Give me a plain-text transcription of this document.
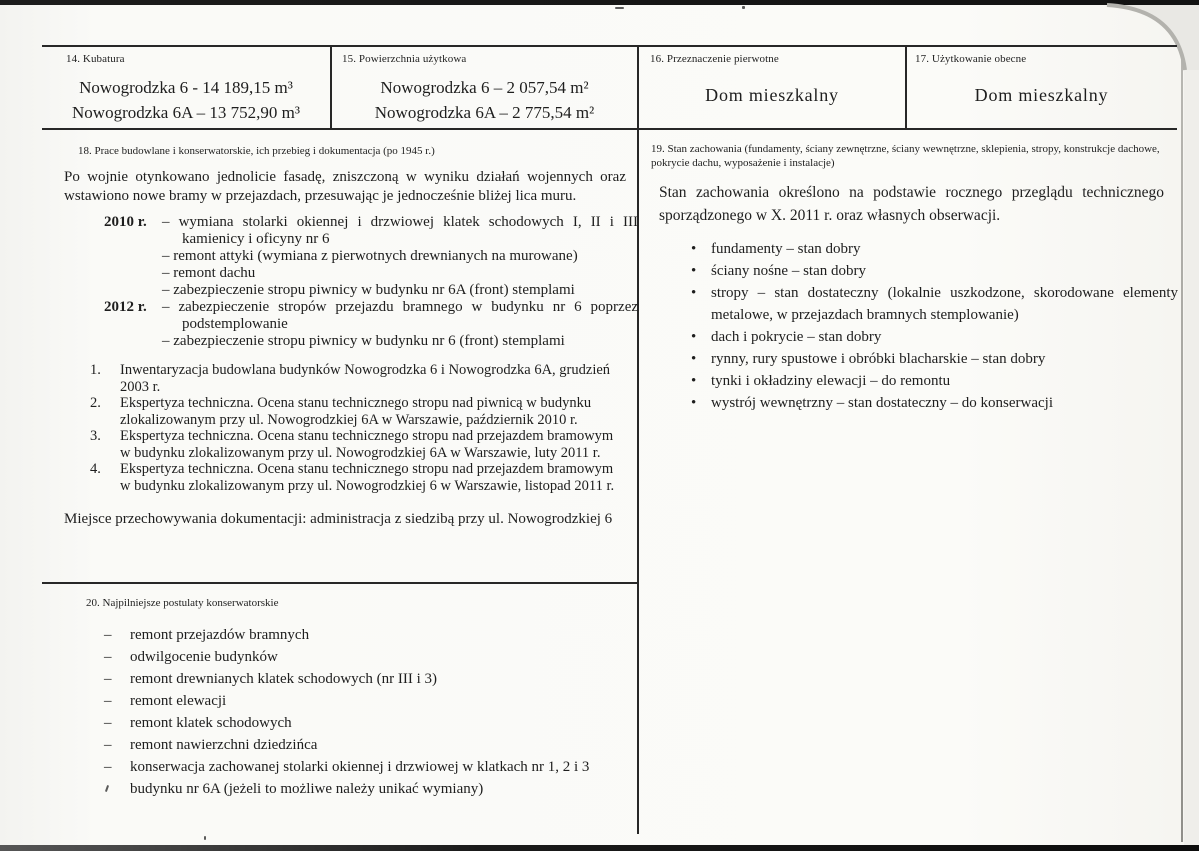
14. Kubatura
Nowogrodzka 6 - 14 189,15 m³
Nowogrodzka 6A – 13 752,90 m³
15. Powierzchnia użytkowa
Nowogrodzka 6 – 2 057,54 m²
Nowogrodzka 6A – 2 775,54 m²
16. Przeznaczenie pierwotne
Dom mieszkalny
17. Użytkowanie obecne
Dom mieszkalny
18. Prace budowlane i konserwatorskie, ich przebieg i dokumentacja (po 1945 r.)
Po wojnie otynkowano jednolicie fasadę, zniszczoną w wyniku działań wojennych oraz wstawiono nowe bramy w przejazdach, przesuwając je jednocześnie bliżej lica muru.
2010 r.	– wymiana stolarki okiennej i drzwiowej klatek schodowych I, II i III kamienicy i oficyny nr 6
– remont attyki (wymiana z pierwotnych drewnianych na murowane)
– remont dachu
– zabezpieczenie stropu piwnicy w budynku nr 6A (front) stemplami
2012 r.	– zabezpieczenie stropów przejazdu bramnego w budynku nr 6 poprzez podstemplowanie
– zabezpieczenie stropu piwnicy w budynku nr 6 (front) stemplami
1.	Inwentaryzacja budowlana budynków Nowogrodzka 6 i Nowogrodzka 6A, grudzień 2003 r.
2.	Ekspertyza techniczna. Ocena stanu technicznego stropu nad piwnicą w budynku zlokalizowanym przy ul. Nowogrodzkiej 6A w Warszawie, październik 2010 r.
3.	Ekspertyza techniczna. Ocena stanu technicznego stropu nad przejazdem bramowym w budynku zlokalizowanym przy ul. Nowogrodzkiej 6A w Warszawie, luty 2011 r.
4.	Ekspertyza techniczna. Ocena stanu technicznego stropu nad przejazdem bramowym w budynku zlokalizowanym przy ul. Nowogrodzkiej 6 w Warszawie, listopad 2011 r.
Miejsce przechowywania dokumentacji: administracja z siedzibą przy ul. Nowogrodzkiej 6
19. Stan zachowania (fundamenty, ściany zewnętrzne, ściany wewnętrzne, sklepienia, stropy, konstrukcje dachowe, pokrycie dachu, wyposażenie i instalacje)
Stan zachowania określono na podstawie rocznego przeglądu technicznego sporządzonego w X. 2011 r. oraz własnych obserwacji.
• fundamenty – stan dobry
• ściany nośne – stan dobry
• stropy – stan dostateczny (lokalnie uszkodzone, skorodowane elementy metalowe, w przejazdach bramnych stemplowanie)
• dach i pokrycie – stan dobry
• rynny, rury spustowe i obróbki blacharskie – stan dobry
• tynki i okładziny elewacji – do remontu
• wystrój wewnętrzny – stan dostateczny – do konserwacji
20. Najpilniejsze postulaty konserwatorskie
–	remont przejazdów bramnych
–	odwilgocenie budynków
–	remont drewnianych klatek schodowych (nr III i 3)
–	remont elewacji
–	remont klatek schodowych
–	remont nawierzchni dziedzińca
–	konserwacja zachowanej stolarki okiennej i drzwiowej w klatkach nr 1, 2 i 3 budynku nr 6A (jeżeli to możliwe należy unikać wymiany)
